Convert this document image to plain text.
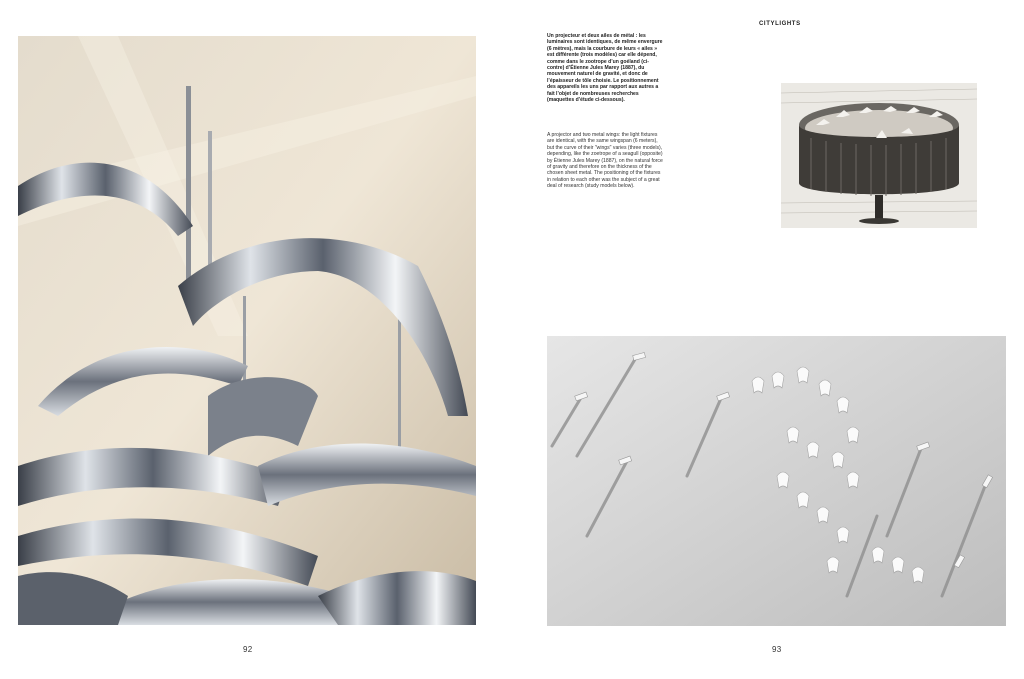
92
CITYLIGHTS
Un projecteur et deux ailes de métal : les luminaires sont identiques, de même envergure (6 mètres), mais la courbure de leurs « ailes » est différente (trois modèles) car elle dépend, comme dans le zootrope d’un goéland (ci-contre) d’Étienne Jules Marey (1887), du mouvement naturel de gravité, et donc de l’épaisseur de tôle choisie. Le positionnement des appareils les uns par rapport aux autres a fait l’objet de nombreuses recherches (maquettes d’étude ci-dessous).
A projector and two metal wings: the light fixtures are identical, with the same wingspan (6 meters), but the curve of their "wings" varies (three models), depending, like the zoetrope of a seagull (opposite) by Étienne Jules Marey (1887), on the natural force of gravity and therefore on the thickness of the chosen sheet metal. The positioning of the fixtures in relation to each other was the subject of a great deal of research (study models below).
93
